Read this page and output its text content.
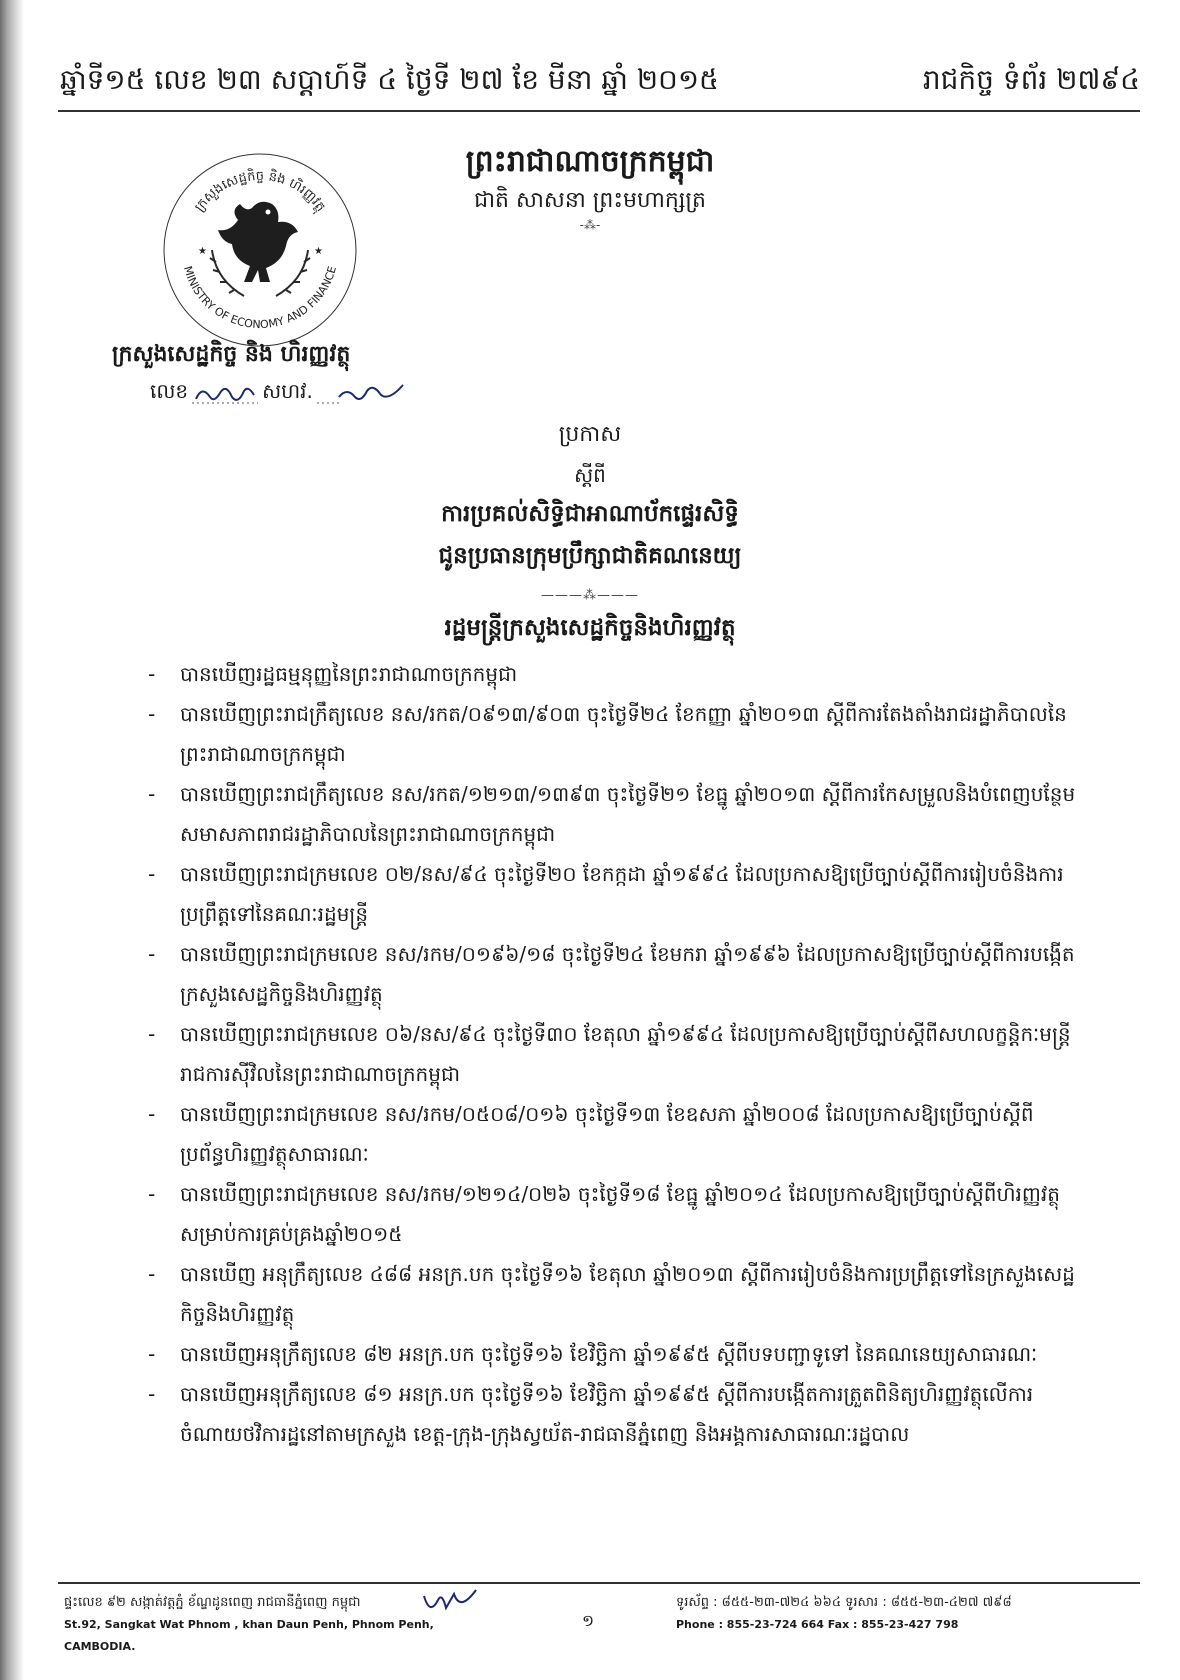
ឆ្នាំទី១៥ លេខ ២៣ សប្ដាហ៍ទី ៤ ថ្ងៃទី ២៧ ខែ មីនា ឆ្នាំ ២០១៥	រាជកិច្ច ទំព័រ ២៧៩៤
ព្រះរាជាណាចក្រកម្ពុជា
ជាតិ សាសនា ព្រះមហាក្សត្រ
-⁂-
ក្រសួងសេដ្ឋកិច្ច និង ហិរញ្ញវត្ថុ
MINISTRY OF ECONOMY AND FINANCE
★	★
ក្រសួងសេដ្ឋកិច្ច និង ហិរញ្ញវត្ថុ
លេខ	សហវ.
ប្រកាស
ស្ដីពី
ការប្រគល់សិទ្ធិជាអាណាប័កផ្ទេរសិទ្ធិ
ជូនប្រធានក្រុមប្រឹក្សាជាតិគណនេយ្យ
———⁂———
រដ្ឋមន្ត្រីក្រសួងសេដ្ឋកិច្ចនិងហិរញ្ញវត្ថុ
- បានឃើញរដ្ឋធម្មនុញ្ញនៃព្រះរាជាណាចក្រកម្ពុជា
- បានឃើញព្រះរាជក្រឹត្យលេខ នស/រកត/០៩១៣/៩០៣ ចុះថ្ងៃទី២៤ ខែកញ្ញា ឆ្នាំ២០១៣ ស្ដីពីការតែងតាំងរាជរដ្ឋាភិបាលនៃព្រះរាជាណាចក្រកម្ពុជា
- បានឃើញព្រះរាជក្រឹត្យលេខ នស/រកត/១២១៣/១៣៩៣ ចុះថ្ងៃទី២១ ខែធ្នូ ឆ្នាំ២០១៣ ស្ដីពីការកែសម្រួលនិងបំពេញបន្ថែមសមាសភាពរាជរដ្ឋាភិបាលនៃព្រះរាជាណាចក្រកម្ពុជា
- បានឃើញព្រះរាជក្រមលេខ ០២/នស/៩៤ ចុះថ្ងៃទី២០ ខែកក្កដា ឆ្នាំ១៩៩៤ ដែលប្រកាសឱ្យប្រើច្បាប់ស្ដីពីការរៀបចំនិងការប្រព្រឹត្តទៅនៃគណៈរដ្ឋមន្ត្រី
- បានឃើញព្រះរាជក្រមលេខ នស/រកម/០១៩៦/១៨ ចុះថ្ងៃទី២៤ ខែមករា ឆ្នាំ១៩៩៦ ដែលប្រកាសឱ្យប្រើច្បាប់ស្ដីពីការបង្កើតក្រសួងសេដ្ឋកិច្ចនិងហិរញ្ញវត្ថុ
- បានឃើញព្រះរាជក្រមលេខ ០៦/នស/៩៤ ចុះថ្ងៃទី៣០ ខែតុលា ឆ្នាំ១៩៩៤ ដែលប្រកាសឱ្យប្រើច្បាប់ស្ដីពីសហលក្ខន្តិកៈមន្ត្រីរាជការស៊ីវិលនៃព្រះរាជាណាចក្រកម្ពុជា
- បានឃើញព្រះរាជក្រមលេខ នស/រកម/០៥០៨/០១៦ ចុះថ្ងៃទី១៣ ខែឧសភា ឆ្នាំ២០០៨ ដែលប្រកាសឱ្យប្រើច្បាប់ស្ដីពីប្រព័ន្ធហិរញ្ញវត្ថុសាធារណៈ
- បានឃើញព្រះរាជក្រមលេខ នស/រកម/១២១៤/០២៦ ចុះថ្ងៃទី១៨ ខែធ្នូ ឆ្នាំ២០១៤ ដែលប្រកាសឱ្យប្រើច្បាប់ស្ដីពីហិរញ្ញវត្ថុសម្រាប់ការគ្រប់គ្រងឆ្នាំ២០១៥
- បានឃើញ អនុក្រឹត្យលេខ ៤៨៨ អនក្រ.បក ចុះថ្ងៃទី១៦ ខែតុលា ឆ្នាំ២០១៣ ស្ដីពីការរៀបចំនិងការប្រព្រឹត្តទៅនៃក្រសួងសេដ្ឋកិច្ចនិងហិរញ្ញវត្ថុ
- បានឃើញអនុក្រឹត្យលេខ ៨២ អនក្រ.បក ចុះថ្ងៃទី១៦ ខែវិច្ឆិកា ឆ្នាំ១៩៩៥ ស្ដីពីបទបញ្ជាទូទៅ នៃគណនេយ្យសាធារណៈ
- បានឃើញអនុក្រឹត្យលេខ ៨១ អនក្រ.បក ចុះថ្ងៃទី១៦ ខែវិច្ឆិកា ឆ្នាំ១៩៩៥ ស្ដីពីការបង្កើតការត្រួតពិនិត្យហិរញ្ញវត្ថុលើការចំណាយថវិការដ្ឋនៅតាមក្រសួង ខេត្ត-ក្រុង-ក្រុងស្វយ័ត-រាជធានីភ្នំពេញ និងអង្គការសាធារណៈរដ្ឋបាល
ផ្ទះលេខ ៩២ សង្កាត់វត្តភ្នំ ខ័ណ្ឌដូនពេញ រាជធានីភ្នំពេញ កម្ពុជា
St.92, Sangkat Wat Phnom , khan Daun Penh, Phnom Penh, CAMBODIA.
១
ទូរស័ព្ទ : ៨៥៥-២៣-៧២៤ ៦៦៤ ទូរសារ : ៨៥៥-២៣-៤២៧ ៧៩៨
Phone : 855-23-724 664 Fax : 855-23-427 798
